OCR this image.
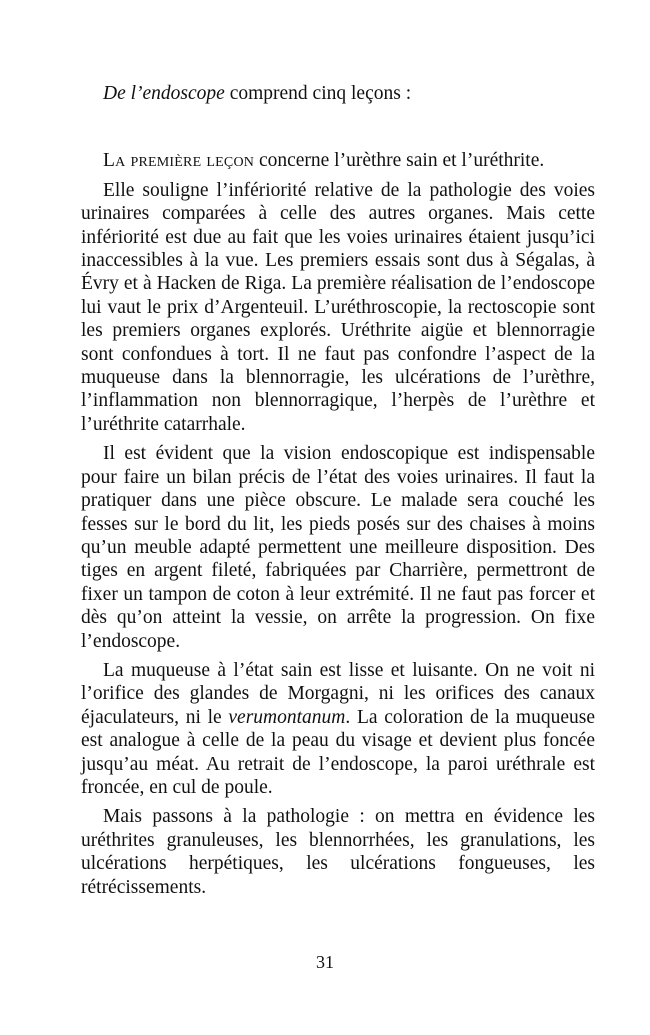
De l’endoscope comprend cinq leçons :

La première leçon concerne l’urèthre sain et l’uréthrite.

Elle souligne l’infériorité relative de la pathologie des voies urinaires comparées à celle des autres organes. Mais cette infériorité est due au fait que les voies urinaires étaient jusqu’ici inaccessibles à la vue. Les premiers essais sont dus à Ségalas, à Évry et à Hacken de Riga. La première réalisation de l’endoscope lui vaut le prix d’Argenteuil. L’uréthroscopie, la rectoscopie sont les premiers organes explorés. Uréthrite aigüe et blennorragie sont confondues à tort. Il ne faut pas confondre l’aspect de la muqueuse dans la blennorragie, les ulcérations de l’urèthre, l’inflammation non blennorragique, l’herpès de l’urèthre et l’uréthrite catarrhale.

Il est évident que la vision endoscopique est indispensable pour faire un bilan précis de l’état des voies urinaires. Il faut la pratiquer dans une pièce obscure. Le malade sera couché les fesses sur le bord du lit, les pieds posés sur des chaises à moins qu’un meuble adapté permettent une meilleure disposition. Des tiges en argent fileté, fabriquées par Charrière, permettront de fixer un tampon de coton à leur extrémité. Il ne faut pas forcer et dès qu’on atteint la vessie, on arrête la progression. On fixe l’endoscope.

La muqueuse à l’état sain est lisse et luisante. On ne voit ni l’orifice des glandes de Morgagni, ni les orifices des canaux éjaculateurs, ni le verumontanum. La coloration de la muqueuse est analogue à celle de la peau du visage et devient plus foncée jusqu’au méat. Au retrait de l’endoscope, la paroi uréthrale est froncée, en cul de poule.

Mais passons à la pathologie : on mettra en évidence les uréthrites granuleuses, les blennorrhées, les granulations, les ulcérations herpétiques, les ulcérations fongueuses, les rétrécissements.

31
